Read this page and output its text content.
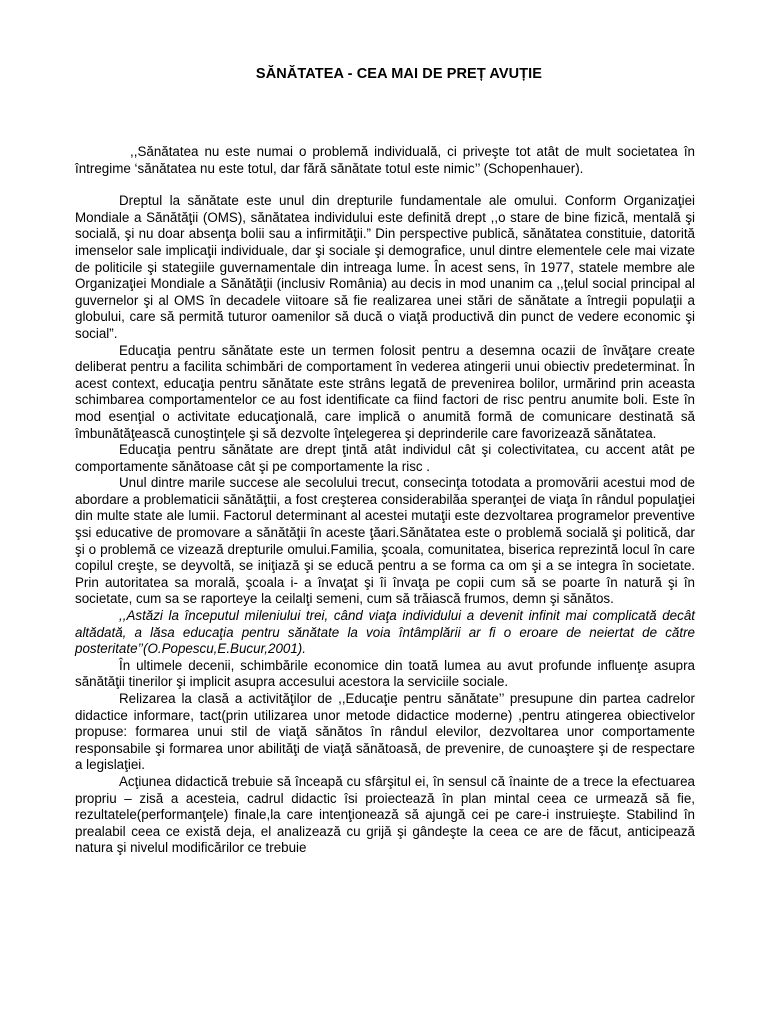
SĂNĂTATEA - CEA MAI DE PREȚ AVUȚIE

,,Sănătatea nu este numai o problemă individuală, ci priveşte tot atât de mult societatea în întregime ‘sănătatea nu este totul, dar fără sănătate totul este nimic’’ (Schopenhauer).

Dreptul la sănătate este unul din drepturile fundamentale ale omului. Conform Organizaţiei Mondiale a Sănătăţii (OMS), sănătatea individului este definită drept ,,o stare de bine fizică, mentală şi socială, şi nu doar absenţa bolii sau a infirmităţii.” Din perspective publică, sănătatea constituie, datorită imenselor sale implicaţii individuale, dar şi sociale şi demografice, unul dintre elementele cele mai vizate de politicile şi stategiile guvernamentale din intreaga lume. În acest sens, în 1977, statele membre ale Organizaţiei Mondiale a Sănătăţii (inclusiv România) au decis in mod unanim ca ,,ţelul social principal al guvernelor şi al OMS în decadele viitoare să fie realizarea unei stări de sănătate a întregii populaţii a globului, care să permită tuturor oamenilor să ducă o viaţă productivă din punct de vedere economic şi social”.

Educaţia pentru sănătate este un termen folosit pentru a desemna ocazii de învăţare create deliberat pentru a facilita schimbări de comportament în vederea atingerii unui obiectiv predeterminat. În acest context, educaţia pentru sănătate este strâns legată de prevenirea bolilor, urmărind prin aceasta schimbarea comportamentelor ce au fost identificate ca fiind factori de risc pentru anumite boli. Este în mod esenţial o activitate educaţională, care implică o anumită formă de comunicare destinată să îmbunătăţească cunoştinţele şi să dezvolte înţelegerea şi deprinderile care favorizează sănătatea.

Educaţia pentru sănătate are drept ţintă atât individul cât şi colectivitatea, cu accent atât pe comportamente sănătoase cât şi pe comportamente la risc .

Unul dintre marile succese ale secolului trecut, consecinţa totodata a promovării acestui mod de abordare a problematicii sănătăţtii, a fost creşterea considerabilăa speranţei de viaţa în rândul populaţiei din multe state ale lumii. Factorul determinant al acestei mutaţii este dezvoltarea programelor preventive şsi educative de promovare a sănătăţii în aceste ţăari.Sănătatea este o problemă socială şi politică, dar şi o problemă ce vizează drepturile omului.Familia, şcoala, comunitatea, biserica reprezintă locul în care copilul creşte, se deyvoltă, se iniţiază şi se educă pentru a se forma ca om şi a se integra în societate. Prin autoritatea sa morală, şcoala i- a învaţat şi îi învaţa pe copii cum să se poarte în natură şi în societate, cum sa se raporteye la ceilalţi semeni, cum să trăiască frumos, demn şi sănătos.

,,Astăzi la începutul mileniului trei, când viaţa individului a devenit infinit mai complicată decât altădată, a lăsa educaţia pentru sănătate la voia întâmplării ar fi o eroare de neiertat de către posteritate’’(O.Popescu,E.Bucur,2001).

În ultimele decenii, schimbările economice din toată lumea au avut profunde influenţe asupra sănătăţii tinerilor şi implicit asupra accesului acestora la serviciile sociale.

Relizarea la clasă a activităţilor de ,,Educaţie pentru sănătate’’ presupune din partea cadrelor didactice informare, tact(prin utilizarea unor metode didactice moderne) ,pentru atingerea obiectivelor propuse: formarea unui stil de viaţă sănătos în rândul elevilor, dezvoltarea unor comportamente responsabile şi formarea unor abilităţi de viaţă sănătoasă, de prevenire, de cunoaştere şi de respectare a legislaţiei.

Acţiunea didactică trebuie să înceapă cu sfârşitul ei, în sensul că înainte de a trece la efectuarea propriu – zisă a acesteia, cadrul didactic îsi proiectează în plan mintal ceea ce urmează să fie, rezultatele(performanţele) finale,la care intenţionează să ajungă cei pe care-i instruieşte. Stabilind în prealabil ceea ce există deja, el analizează cu grijă şi gândeşte la ceea ce are de făcut, anticipează natura şi nivelul modificărilor ce trebuie
